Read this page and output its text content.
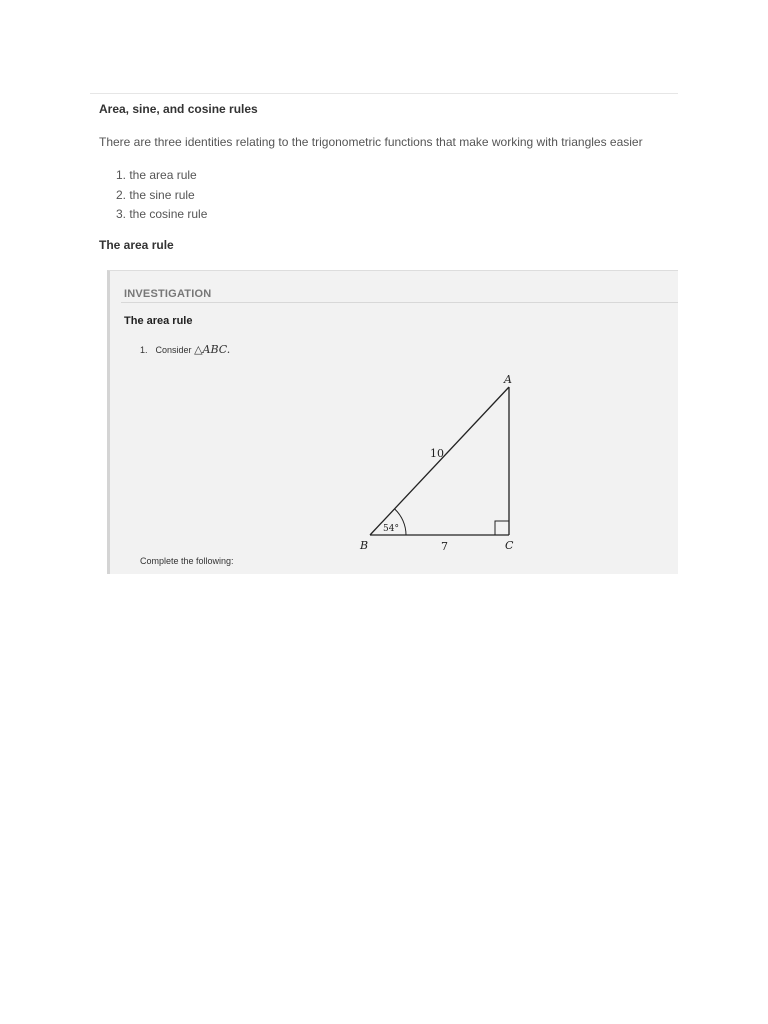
Area, sine, and cosine rules
There are three identities relating to the trigonometric functions that make working with triangles easier
1. the area rule
2. the sine rule
3. the cosine rule
The area rule
INVESTIGATION
The area rule
1. Consider △ABC.
A
B	C
10
7
54°
Complete the following:
